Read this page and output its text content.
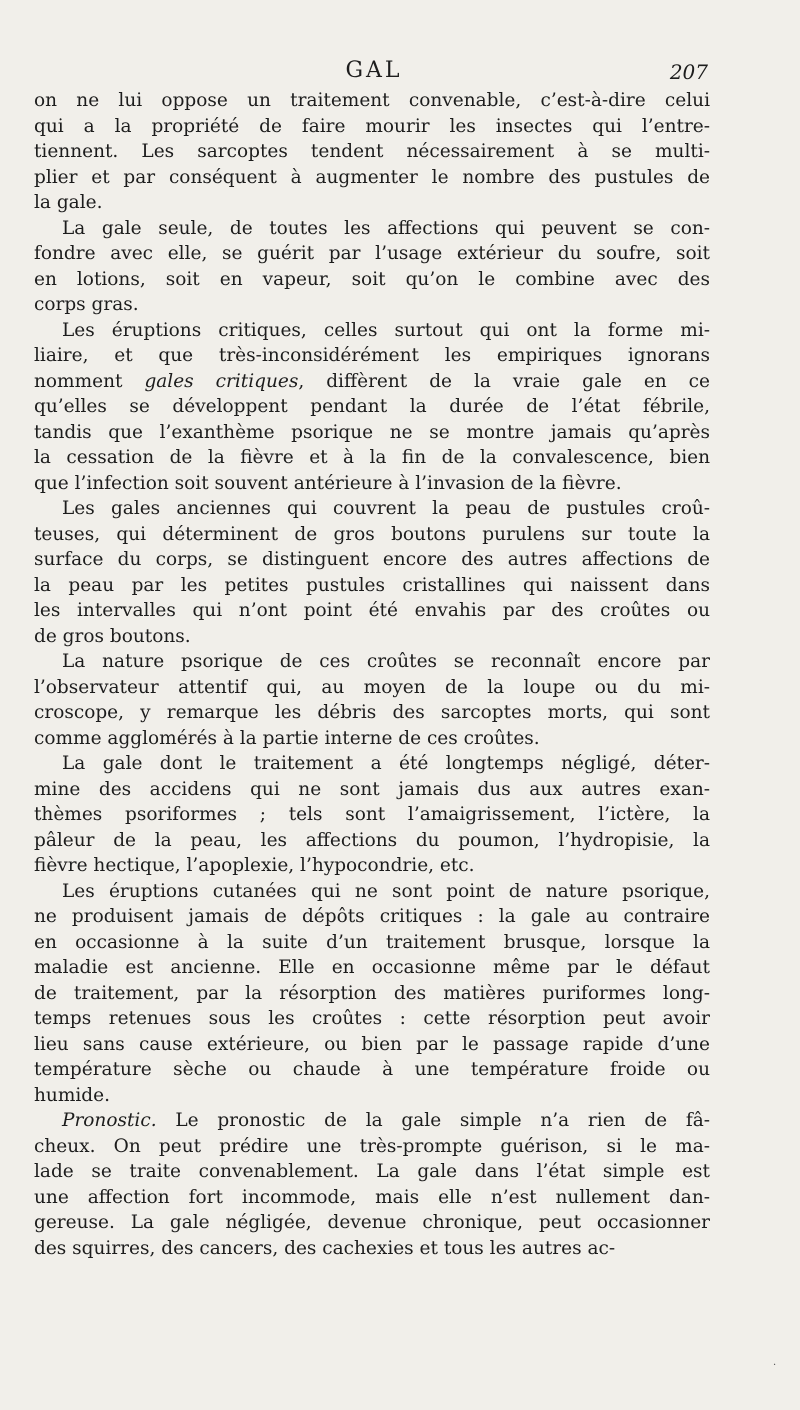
GAL	207
on ne lui oppose un traitement convenable, c’est-à-dire celui
qui a la propriété de faire mourir les insectes qui l’entre-
tiennent. Les sarcoptes tendent nécessairement à se multi-
plier et par conséquent à augmenter le nombre des pustules de
la gale.
La gale seule, de toutes les affections qui peuvent se con-
fondre avec elle, se guérit par l’usage extérieur du soufre, soit
en lotions, soit en vapeur, soit qu’on le combine avec des
corps gras.
Les éruptions critiques, celles surtout qui ont la forme mi-
liaire, et que très-inconsidérément les empiriques ignorans
nomment gales critiques, diffèrent de la vraie gale en ce
qu’elles se développent pendant la durée de l’état fébrile,
tandis que l’exanthème psorique ne se montre jamais qu’après
la cessation de la fièvre et à la fin de la convalescence, bien
que l’infection soit souvent antérieure à l’invasion de la fièvre.
Les gales anciennes qui couvrent la peau de pustules croû-
teuses, qui déterminent de gros boutons purulens sur toute la
surface du corps, se distinguent encore des autres affections de
la peau par les petites pustules cristallines qui naissent dans
les intervalles qui n’ont point été envahis par des croûtes ou
de gros boutons.
La nature psorique de ces croûtes se reconnaît encore par
l’observateur attentif qui, au moyen de la loupe ou du mi-
croscope, y remarque les débris des sarcoptes morts, qui sont
comme agglomérés à la partie interne de ces croûtes.
La gale dont le traitement a été longtemps négligé, déter-
mine des accidens qui ne sont jamais dus aux autres exan-
thèmes psoriformes ; tels sont l’amaigrissement, l’ictère, la
pâleur de la peau, les affections du poumon, l’hydropisie, la
fièvre hectique, l’apoplexie, l’hypocondrie, etc.
Les éruptions cutanées qui ne sont point de nature psorique,
ne produisent jamais de dépôts critiques : la gale au contraire
en occasionne à la suite d’un traitement brusque, lorsque la
maladie est ancienne. Elle en occasionne même par le défaut
de traitement, par la résorption des matières puriformes long-
temps retenues sous les croûtes : cette résorption peut avoir
lieu sans cause extérieure, ou bien par le passage rapide d’une
température sèche ou chaude à une température froide ou
humide.
Pronostic. Le pronostic de la gale simple n’a rien de fâ-
cheux. On peut prédire une très-prompte guérison, si le ma-
lade se traite convenablement. La gale dans l’état simple est
une affection fort incommode, mais elle n’est nullement dan-
gereuse. La gale négligée, devenue chronique, peut occasionner
des squirres, des cancers, des cachexies et tous les autres ac-
·
